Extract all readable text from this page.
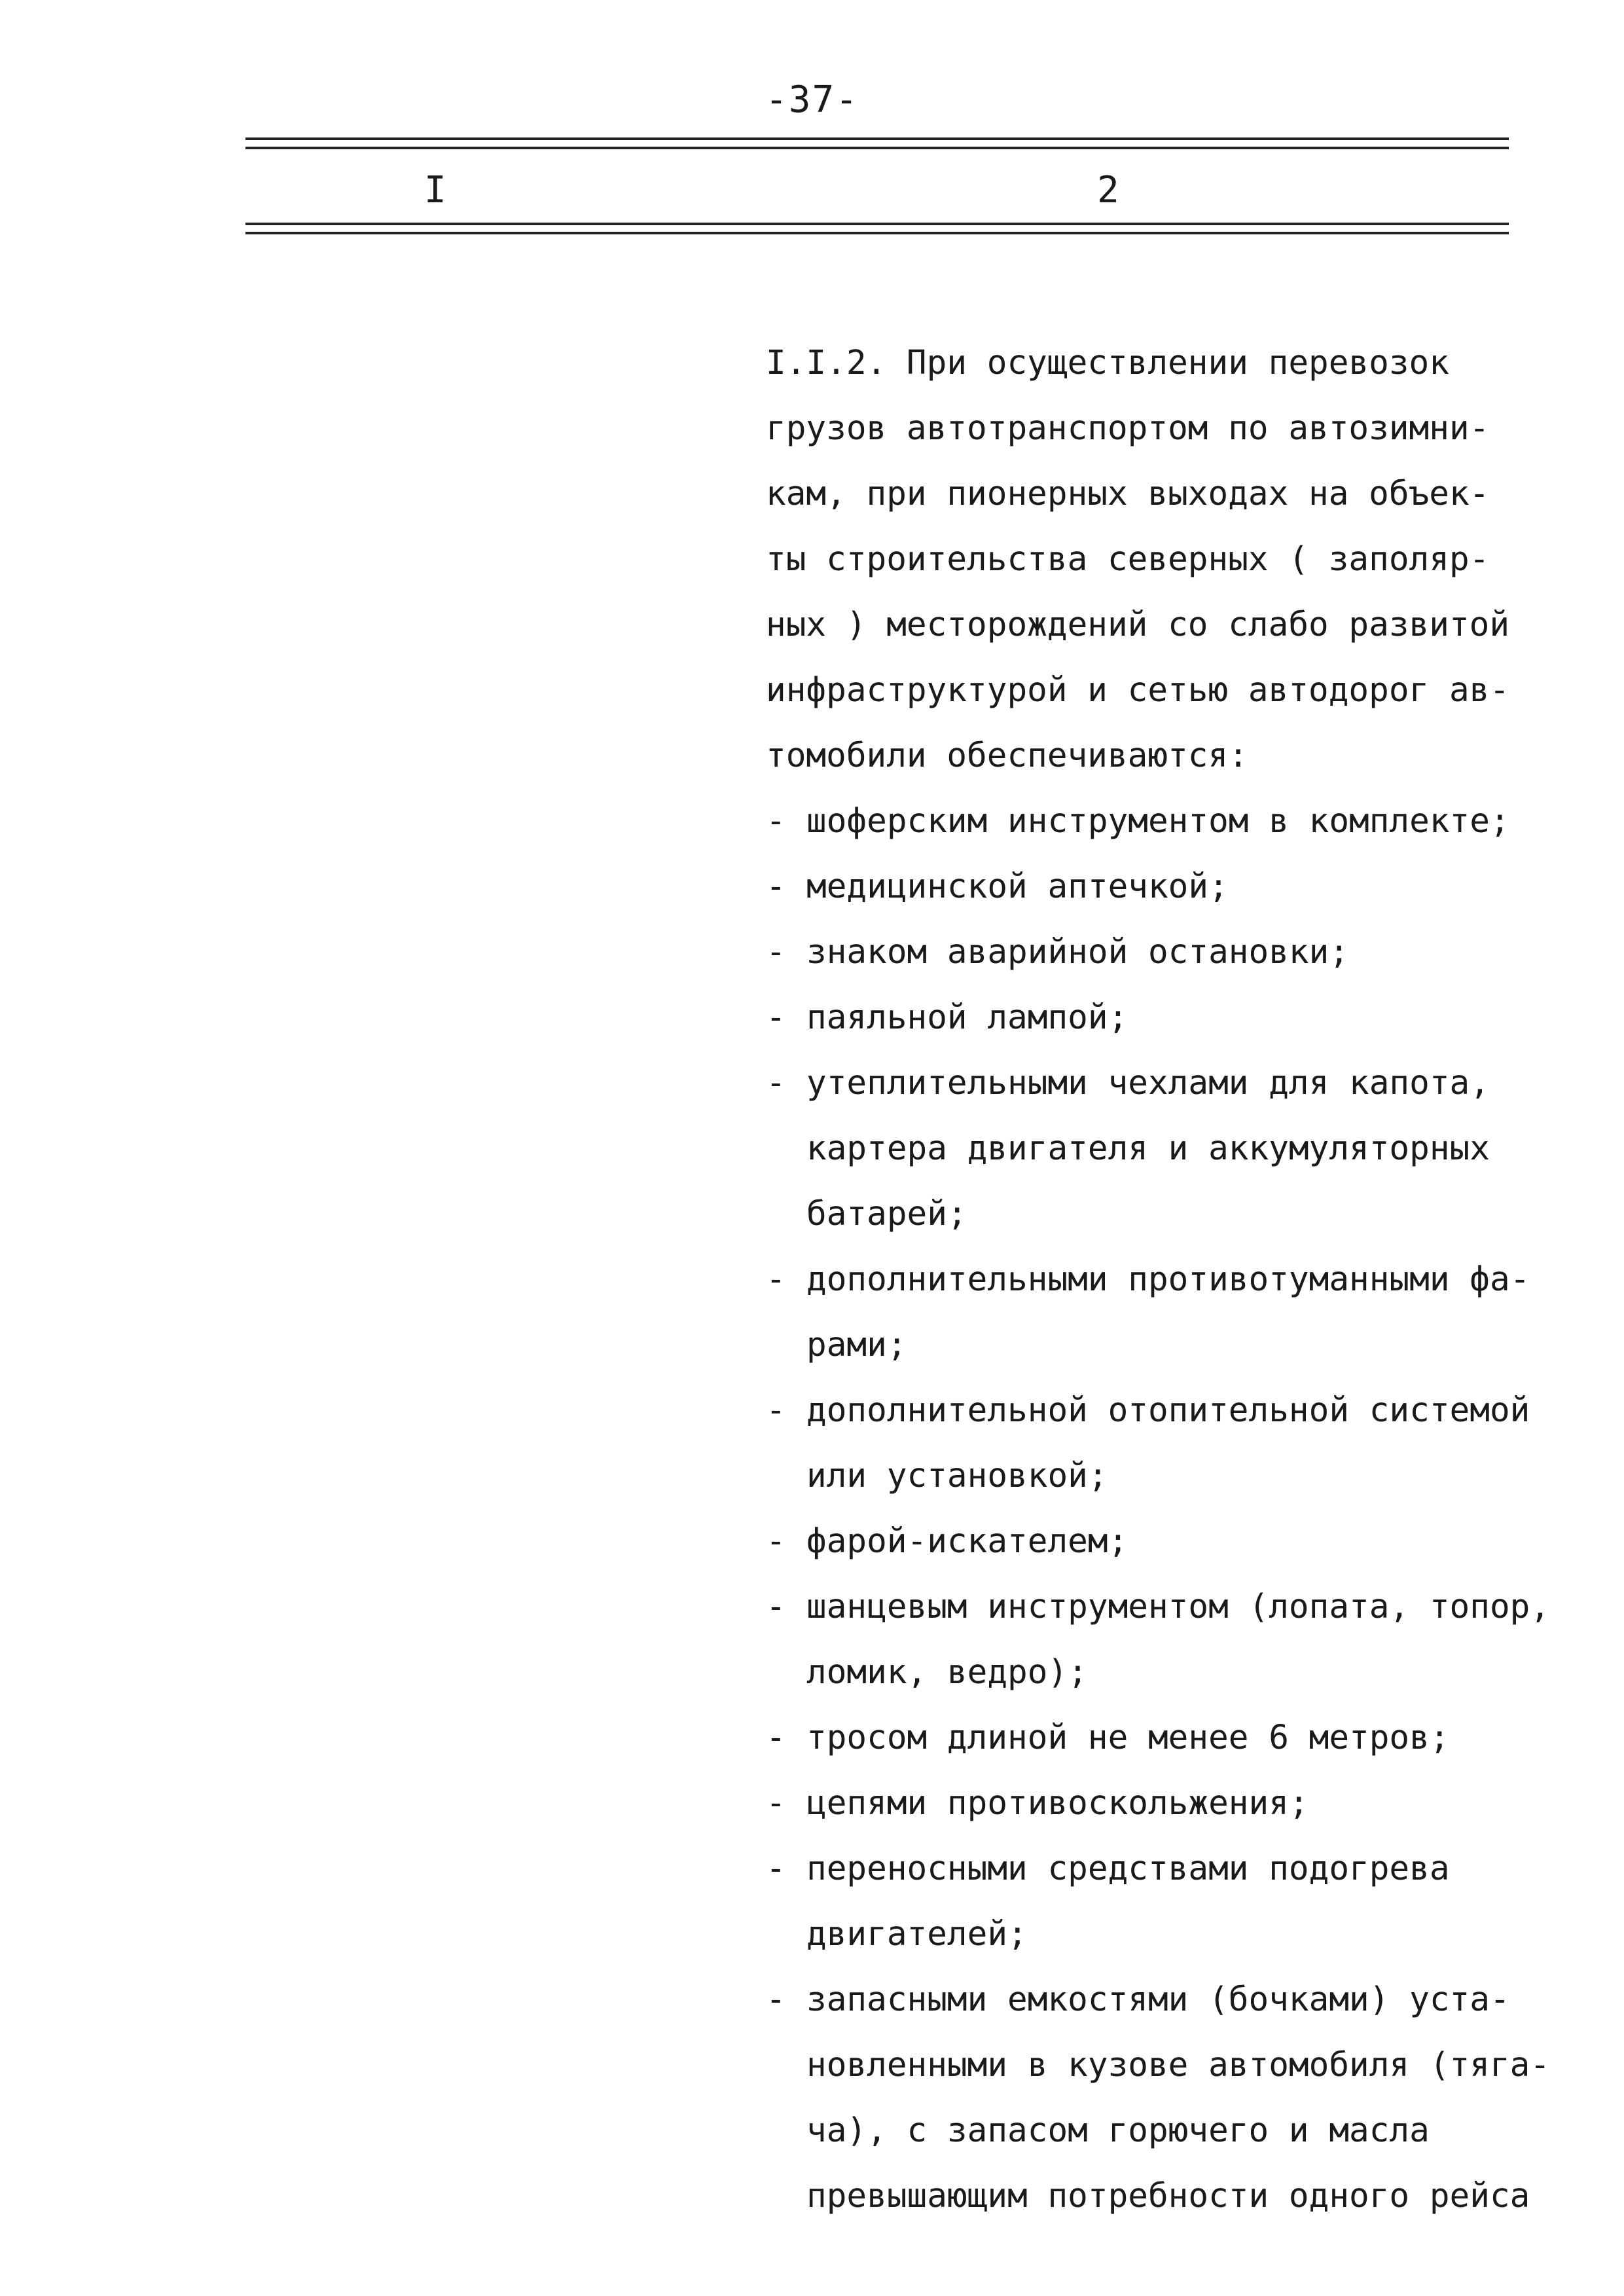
-37-
I	2
I.I.2. При осуществлении перевозок
грузов автотранспортом по автозимни-
кам, при пионерных выходах на объек-
ты строительства северных ( заполяр-
ных ) месторождений со слабо развитой
инфраструктурой и сетью автодорог ав-
томобили обеспечиваются:
- шоферским инструментом в комплекте;
- медицинской аптечкой;
- знаком аварийной остановки;
- паяльной лампой;
- утеплительными чехлами для капота,
картера двигателя и аккумуляторных
батарей;
- дополнительными противотуманными фа-
рами;
- дополнительной отопительной системой
или установкой;
- фарой-искателем;
- шанцевым инструментом (лопата, топор,
ломик, ведро);
- тросом длиной не менее 6 метров;
- цепями противоскольжения;
- переносными средствами подогрева
двигателей;
- запасными емкостями (бочками) уста-
новленными в кузове автомобиля (тяга-
ча), с запасом горючего и масла
превышающим потребности одного рейса
